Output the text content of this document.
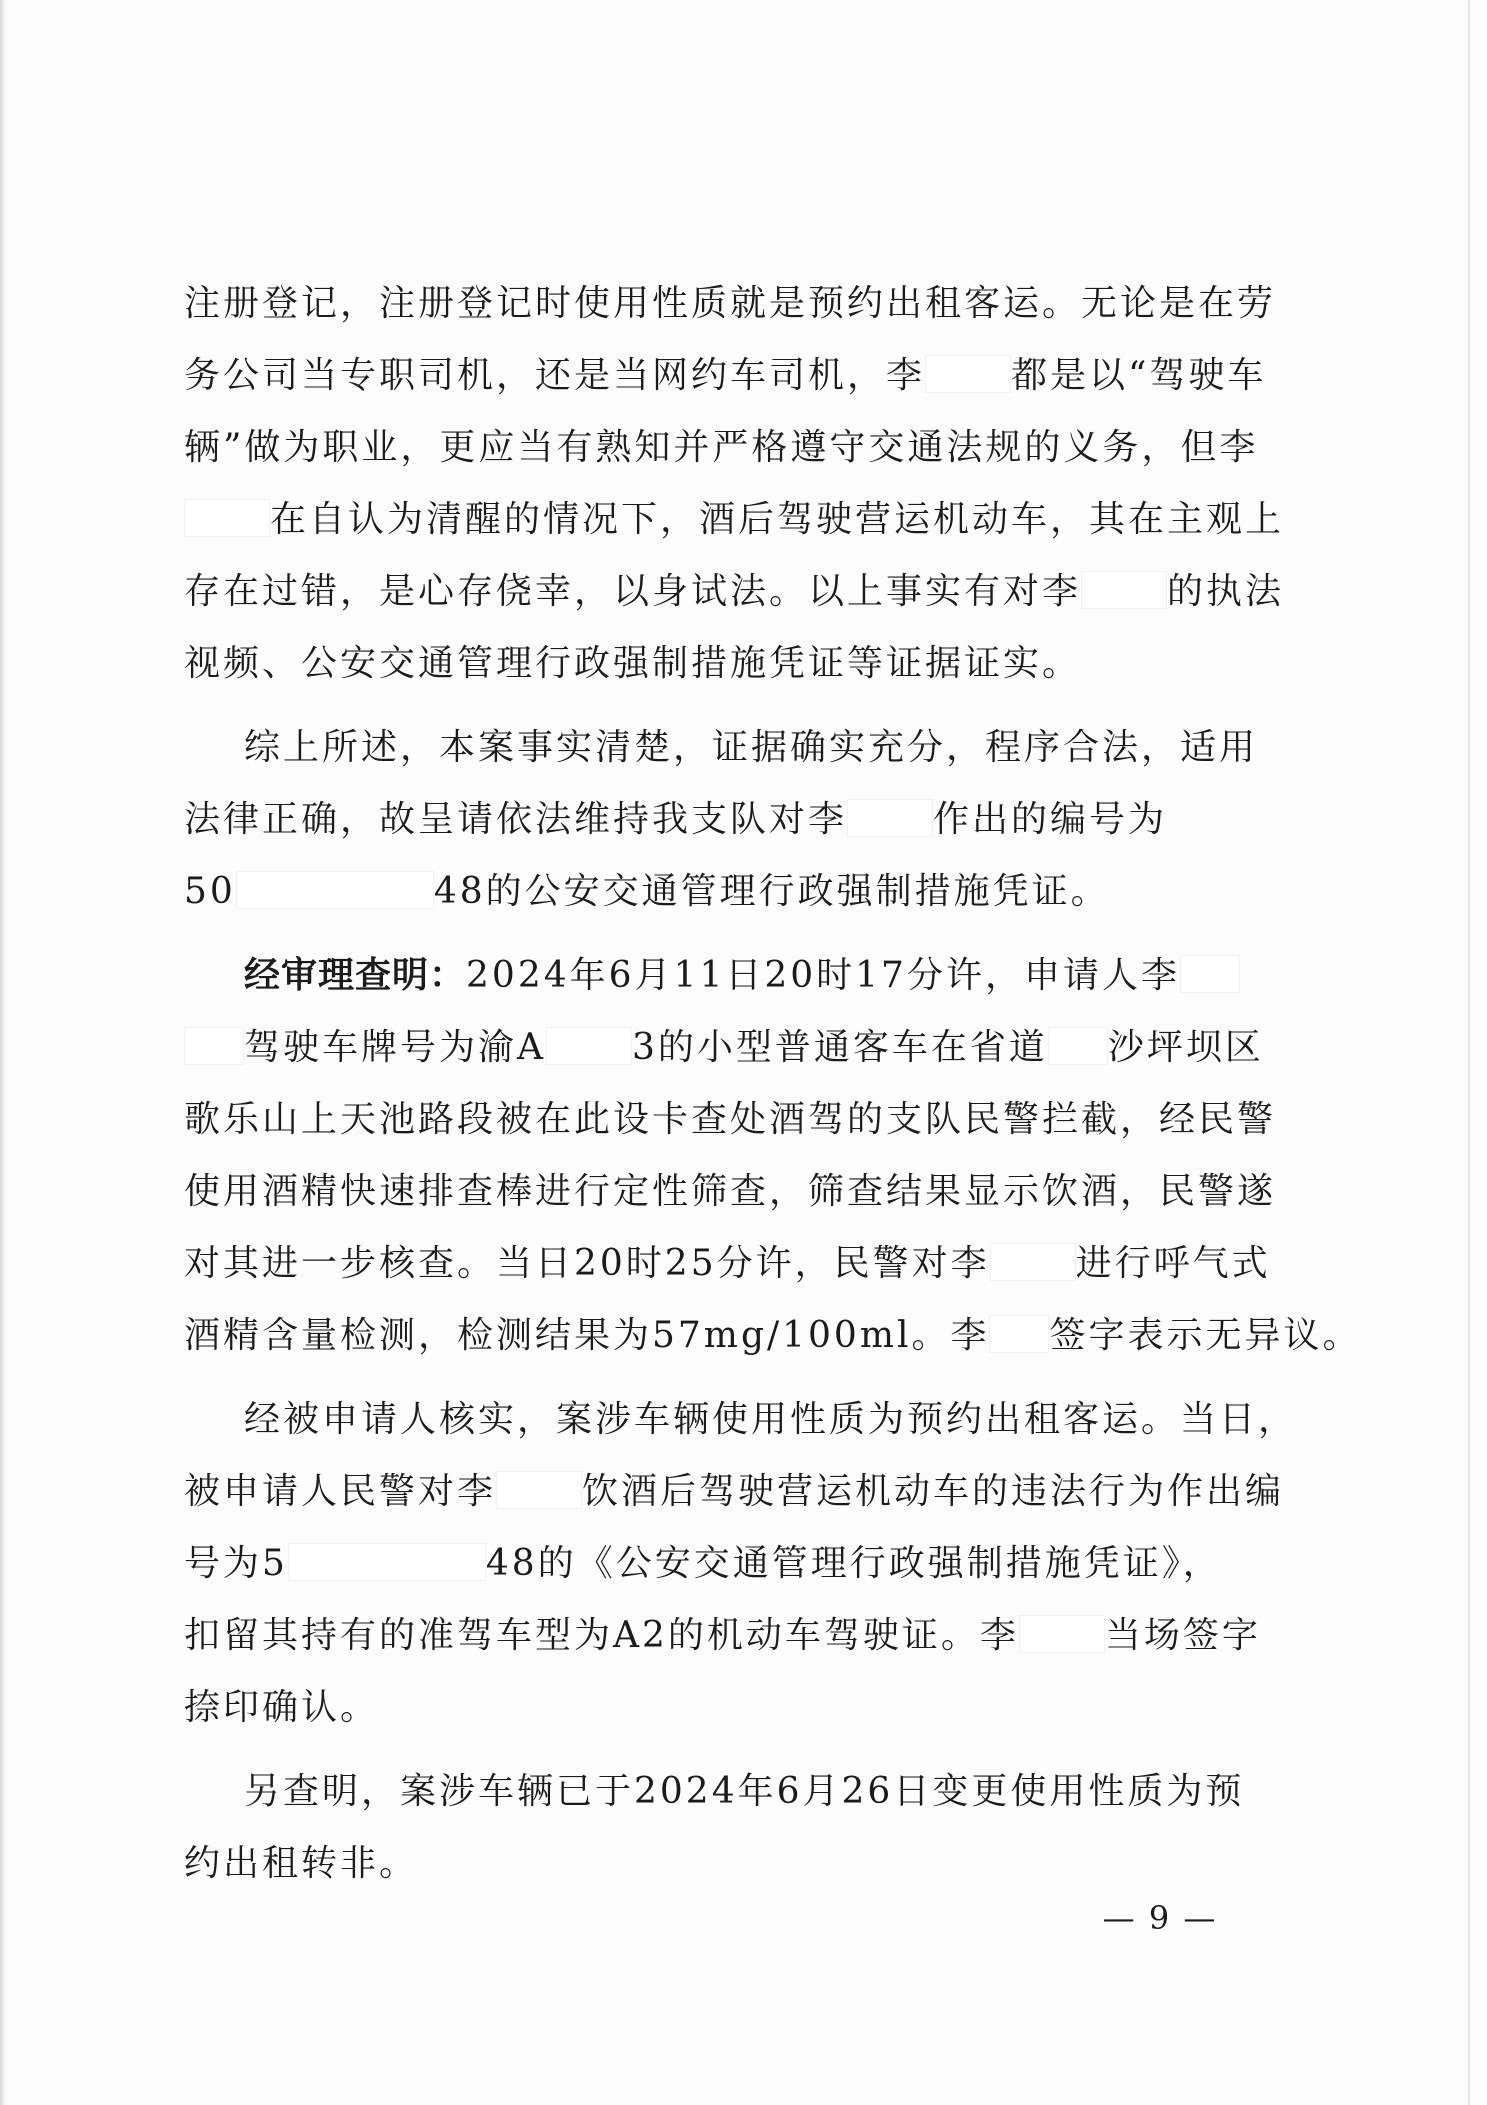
注册登记，注册登记时使用性质就是预约出租客运。无论是在劳
务公司当专职司机，还是当网约车司机，李 都是以“驾驶车
辆”做为职业，更应当有熟知并严格遵守交通法规的义务，但李
在自认为清醒的情况下，酒后驾驶营运机动车，其在主观上
存在过错，是心存侥幸，以身试法。以上事实有对李 的执法
视频、公安交通管理行政强制措施凭证等证据证实。
综上所述，本案事实清楚，证据确实充分，程序合法，适用
法律正确，故呈请依法维持我支队对李 作出的编号为
50	48的公安交通管理行政强制措施凭证。
经审理查明：2024年6月11日20时17分许，申请人李
驾驶车牌号为渝A 3的小型普通客车在省道 沙坪坝区
歌乐山上天池路段被在此设卡查处酒驾的支队民警拦截，经民警
使用酒精快速排查棒进行定性筛查，筛查结果显示饮酒，民警遂
对其进一步核查。当日20时25分许，民警对李 进行呼气式
酒精含量检测，检测结果为57mg/100ml。李 签字表示无异议。
经被申请人核实，案涉车辆使用性质为预约出租客运。当日，
被申请人民警对李 饮酒后驾驶营运机动车的违法行为作出编
号为5	48的《公安交通管理行政强制措施凭证》，
扣留其持有的准驾车型为A2的机动车驾驶证。李 当场签字
捺印确认。
另查明，案涉车辆已于2024年6月26日变更使用性质为预
约出租转非。
— 9 —
